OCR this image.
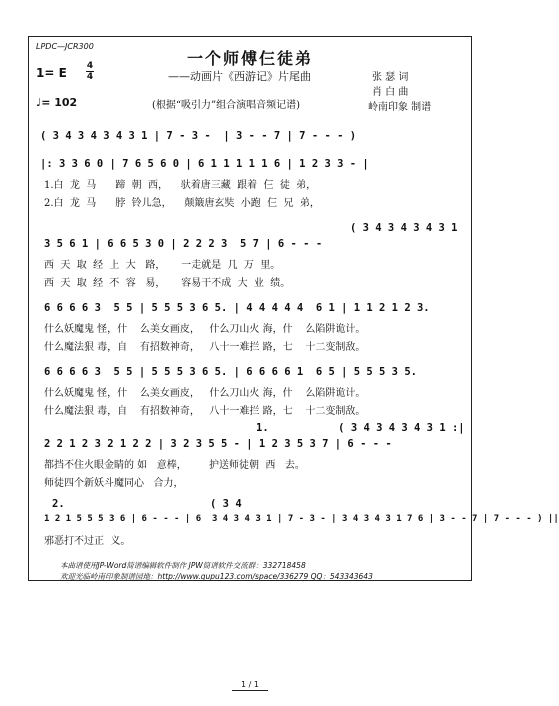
LPDC—JCR300
一个师傅仨徒弟
1= E 4
4	——动画片《西游记》片尾曲	张 瑟 词
肖 白 曲
岭南印象 制谱
♩= 102	(根据“吸引力”组合演唱音频记谱)
( 3 4 3 4 3 4 3 1 | 7 - 3 -  | 3 - - 7 | 7 - - - )
|: 3 3 6 0 | 7 6 5 6 0 | 6 1 1 1 1 1 6 | 1 2 3 3 - |
1.白  龙  马      蹄  朝  西，    驮着唐三藏  跟着  仨  徒  弟，
2.白  龙  马      脖  铃儿急，    颠簸唐玄奘  小跑  仨  兄  弟，
( 3 4 3 4 3 4 3 1
3 5 6 1 | 6 6 5 3 0 | 2 2 2 3  5 7 | 6 - - -
西  天  取  经  上  大   路，     一走就是  几  万  里。
西  天  取  经  不  容   易，     容易干不成  大  业  绩。
6 6 6 6 3  5 5 | 5 5 5 3 6 5. | 4 4 4 4 4  6 1 | 1 1 2 1 2 3.
什么妖魔鬼 怪，什    么美女画皮，   什么刀山火 海，什    么陷阱诡计。
什么魔法狠 毒，自    有招数神奇，   八十一难拦 路，七    十二变制敌。
6 6 6 6 3  5 5 | 5 5 5 3 6 5. | 6 6 6 6 1  6 5 | 5 5 5 3 5.
什么妖魔鬼 怪，什    么美女画皮，   什么刀山火 海，什    么陷阱诡计。
什么魔法狠 毒，自    有招数神奇，   八十一难拦 路，七    十二变制敌。
1.           ( 3 4 3 4 3 4 3 1 :|
2 2 1 2 3 2 1 2 2 | 3 2 3 5 5 - | 1 2 3 5 3 7 | 6 - - -
都挡不住火眼金睛的 如   意棒，       护送师徒朝  西   去。
师徒四个新妖斗魔同心   合力，
2.                       ( 3 4
1 2 1 5 5 5 3 6 | 6 - - - | 6  3 4 3 4 3 1 | 7 - 3 - | 3 4 3 4 3 1 7 6 | 3 - - 7 | 7 - - - ) ||
邪恶打不过正  义。
本曲谱使用JP-Word简谱编辑软件制作 JPW简谱软件交流群：332718458
欢迎光临岭南印象制谱园地：http://www.qupu123.com/space/336279 QQ：543343643
1 / 1
